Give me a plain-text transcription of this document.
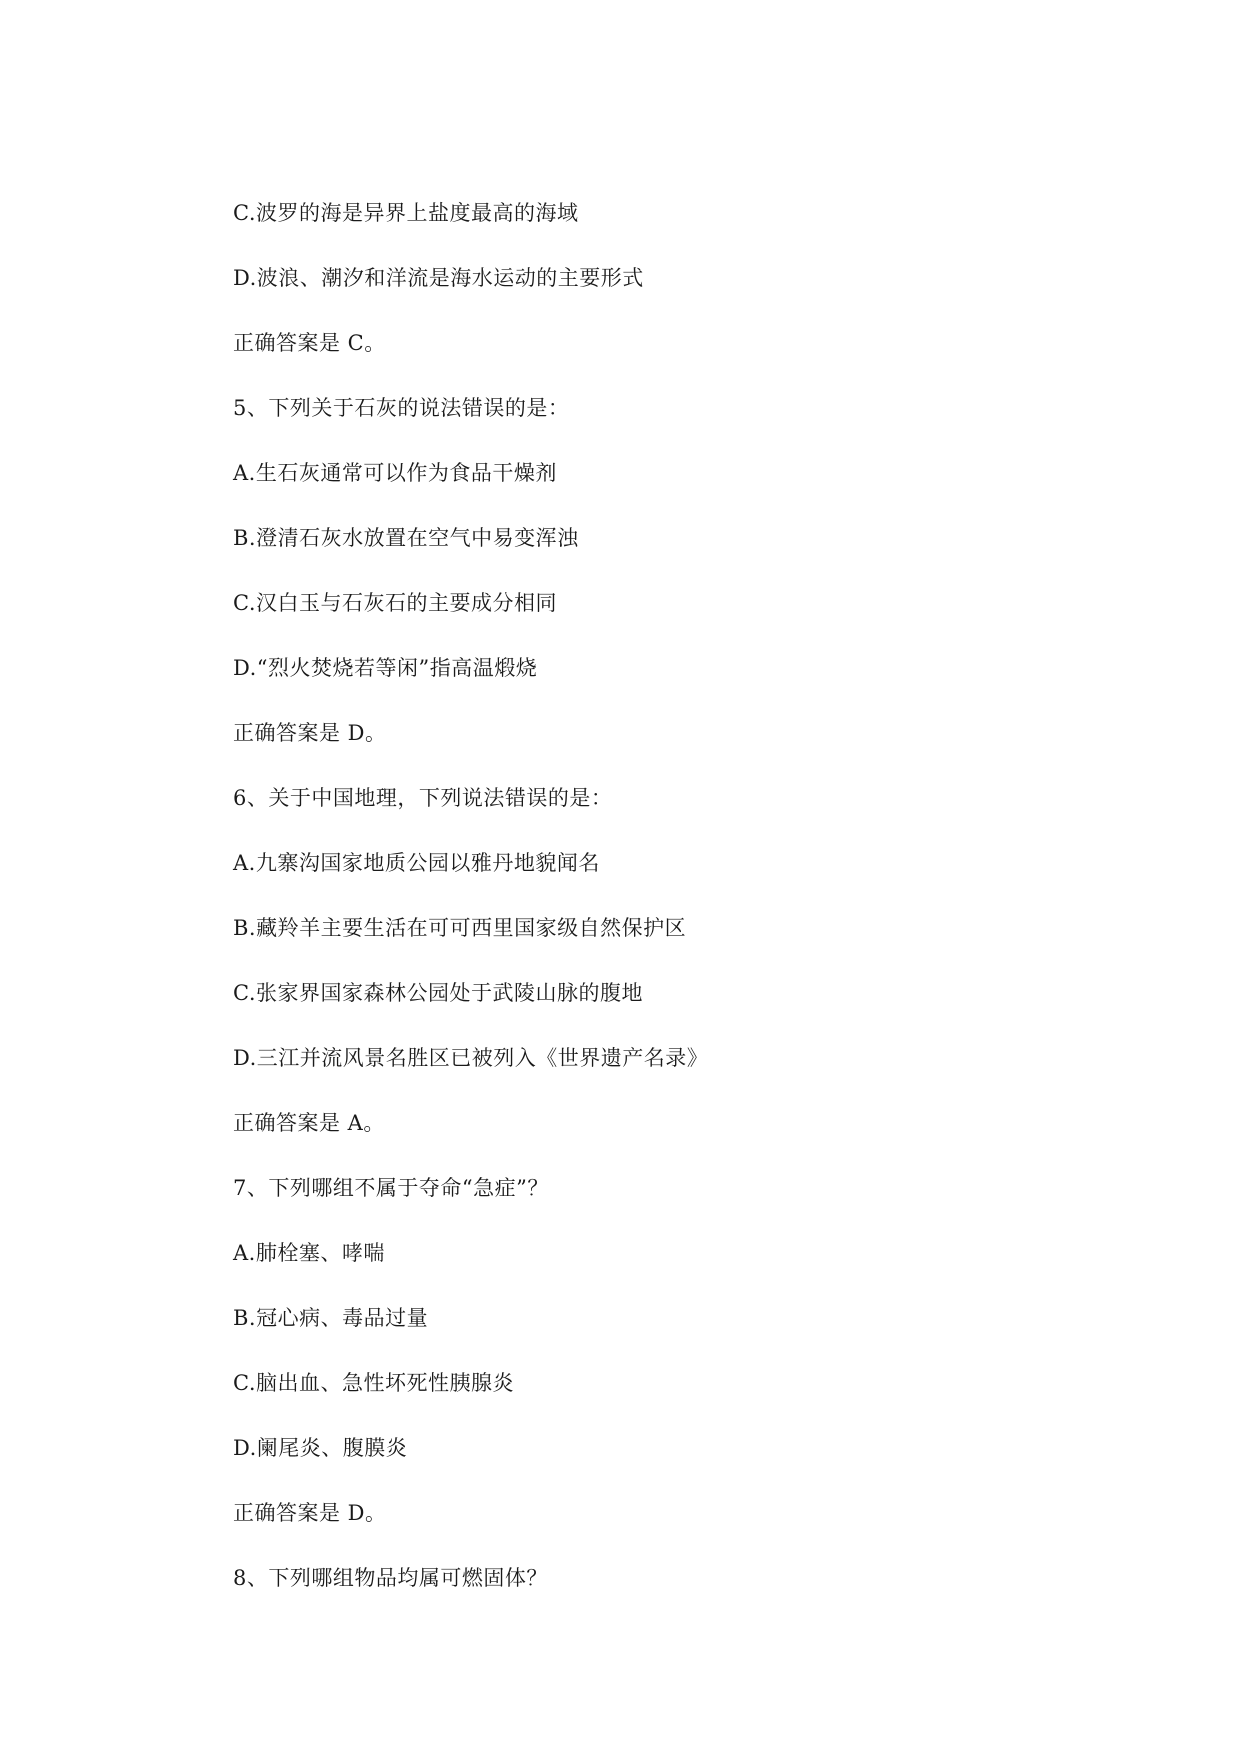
C.波罗的海是异界上盐度最高的海域
D.波浪、潮汐和洋流是海水运动的主要形式
正确答案是 C。
5、下列关于石灰的说法错误的是：
A.生石灰通常可以作为食品干燥剂
B.澄清石灰水放置在空气中易变浑浊
C.汉白玉与石灰石的主要成分相同
D.“烈火焚烧若等闲”指高温煅烧
正确答案是 D。
6、关于中国地理，下列说法错误的是：
A.九寨沟国家地质公园以雅丹地貌闻名
B.藏羚羊主要生活在可可西里国家级自然保护区
C.张家界国家森林公园处于武陵山脉的腹地
D.三江并流风景名胜区已被列入《世界遗产名录》
正确答案是 A。
7、下列哪组不属于夺命“急症”？
A.肺栓塞、哮喘
B.冠心病、毒品过量
C.脑出血、急性坏死性胰腺炎
D.阑尾炎、腹膜炎
正确答案是 D。
8、下列哪组物品均属可燃固体？
